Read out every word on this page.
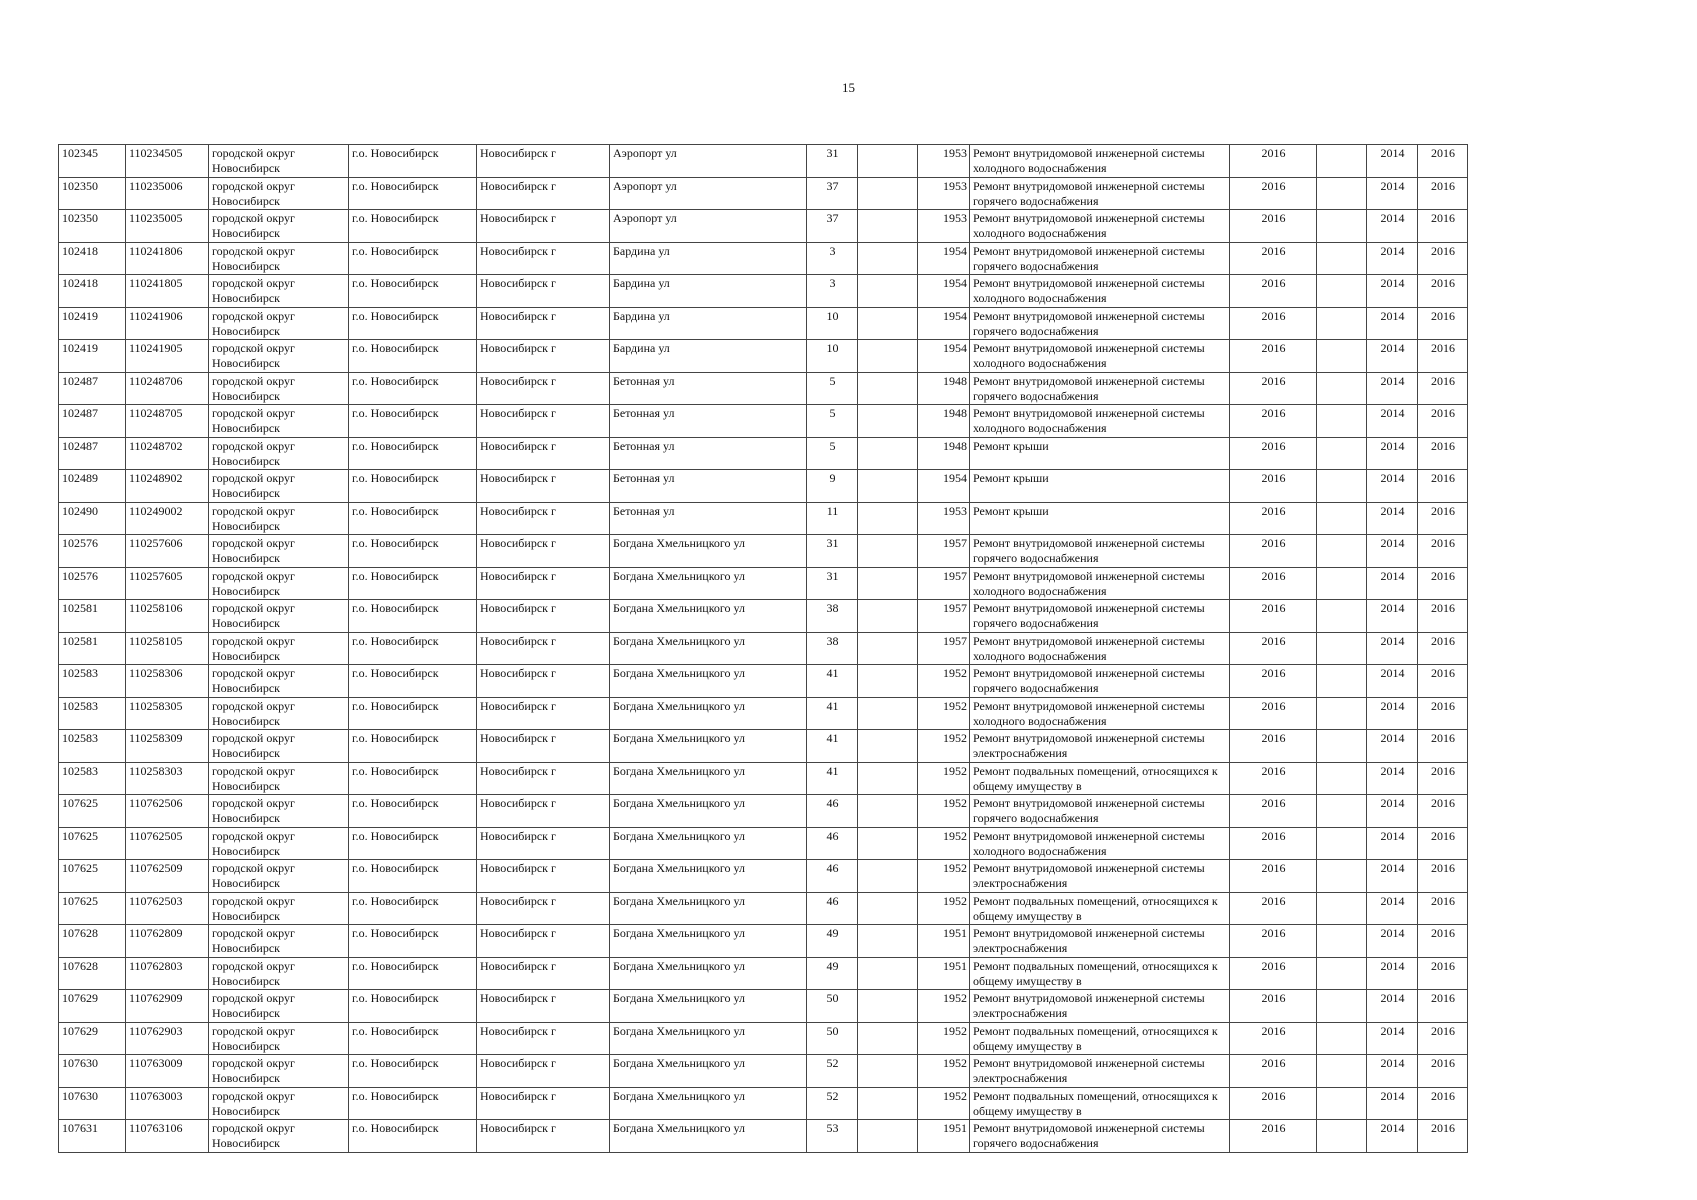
15
102345	110234505	городской округ Новосибирск	г.о. Новосибирск	Новосибирск г	Аэропорт ул	31		1953	Ремонт внутридомовой инженерной системы холодного водоснабжения	2016		2014	2016
102350	110235006	городской округ Новосибирск	г.о. Новосибирск	Новосибирск г	Аэропорт ул	37		1953	Ремонт внутридомовой инженерной системы горячего водоснабжения	2016		2014	2016
102350	110235005	городской округ Новосибирск	г.о. Новосибирск	Новосибирск г	Аэропорт ул	37		1953	Ремонт внутридомовой инженерной системы холодного водоснабжения	2016		2014	2016
102418	110241806	городской округ Новосибирск	г.о. Новосибирск	Новосибирск г	Бардина ул	3		1954	Ремонт внутридомовой инженерной системы горячего водоснабжения	2016		2014	2016
102418	110241805	городской округ Новосибирск	г.о. Новосибирск	Новосибирск г	Бардина ул	3		1954	Ремонт внутридомовой инженерной системы холодного водоснабжения	2016		2014	2016
102419	110241906	городской округ Новосибирск	г.о. Новосибирск	Новосибирск г	Бардина ул	10		1954	Ремонт внутридомовой инженерной системы горячего водоснабжения	2016		2014	2016
102419	110241905	городской округ Новосибирск	г.о. Новосибирск	Новосибирск г	Бардина ул	10		1954	Ремонт внутридомовой инженерной системы холодного водоснабжения	2016		2014	2016
102487	110248706	городской округ Новосибирск	г.о. Новосибирск	Новосибирск г	Бетонная ул	5		1948	Ремонт внутридомовой инженерной системы горячего водоснабжения	2016		2014	2016
102487	110248705	городской округ Новосибирск	г.о. Новосибирск	Новосибирск г	Бетонная ул	5		1948	Ремонт внутридомовой инженерной системы холодного водоснабжения	2016		2014	2016
102487	110248702	городской округ Новосибирск	г.о. Новосибирск	Новосибирск г	Бетонная ул	5		1948	Ремонт крыши	2016		2014	2016
102489	110248902	городской округ Новосибирск	г.о. Новосибирск	Новосибирск г	Бетонная ул	9		1954	Ремонт крыши	2016		2014	2016
102490	110249002	городской округ Новосибирск	г.о. Новосибирск	Новосибирск г	Бетонная ул	11		1953	Ремонт крыши	2016		2014	2016
102576	110257606	городской округ Новосибирск	г.о. Новосибирск	Новосибирск г	Богдана Хмельницкого ул	31		1957	Ремонт внутридомовой инженерной системы горячего водоснабжения	2016		2014	2016
102576	110257605	городской округ Новосибирск	г.о. Новосибирск	Новосибирск г	Богдана Хмельницкого ул	31		1957	Ремонт внутридомовой инженерной системы холодного водоснабжения	2016		2014	2016
102581	110258106	городской округ Новосибирск	г.о. Новосибирск	Новосибирск г	Богдана Хмельницкого ул	38		1957	Ремонт внутридомовой инженерной системы горячего водоснабжения	2016		2014	2016
102581	110258105	городской округ Новосибирск	г.о. Новосибирск	Новосибирск г	Богдана Хмельницкого ул	38		1957	Ремонт внутридомовой инженерной системы холодного водоснабжения	2016		2014	2016
102583	110258306	городской округ Новосибирск	г.о. Новосибирск	Новосибирск г	Богдана Хмельницкого ул	41		1952	Ремонт внутридомовой инженерной системы горячего водоснабжения	2016		2014	2016
102583	110258305	городской округ Новосибирск	г.о. Новосибирск	Новосибирск г	Богдана Хмельницкого ул	41		1952	Ремонт внутридомовой инженерной системы холодного водоснабжения	2016		2014	2016
102583	110258309	городской округ Новосибирск	г.о. Новосибирск	Новосибирск г	Богдана Хмельницкого ул	41		1952	Ремонт внутридомовой инженерной системы электроснабжения	2016		2014	2016
102583	110258303	городской округ Новосибирск	г.о. Новосибирск	Новосибирск г	Богдана Хмельницкого ул	41		1952	Ремонт подвальных помещений, относящихся к общему имуществу в	2016		2014	2016
107625	110762506	городской округ Новосибирск	г.о. Новосибирск	Новосибирск г	Богдана Хмельницкого ул	46		1952	Ремонт внутридомовой инженерной системы горячего водоснабжения	2016		2014	2016
107625	110762505	городской округ Новосибирск	г.о. Новосибирск	Новосибирск г	Богдана Хмельницкого ул	46		1952	Ремонт внутридомовой инженерной системы холодного водоснабжения	2016		2014	2016
107625	110762509	городской округ Новосибирск	г.о. Новосибирск	Новосибирск г	Богдана Хмельницкого ул	46		1952	Ремонт внутридомовой инженерной системы электроснабжения	2016		2014	2016
107625	110762503	городской округ Новосибирск	г.о. Новосибирск	Новосибирск г	Богдана Хмельницкого ул	46		1952	Ремонт подвальных помещений, относящихся к общему имуществу в	2016		2014	2016
107628	110762809	городской округ Новосибирск	г.о. Новосибирск	Новосибирск г	Богдана Хмельницкого ул	49		1951	Ремонт внутридомовой инженерной системы электроснабжения	2016		2014	2016
107628	110762803	городской округ Новосибирск	г.о. Новосибирск	Новосибирск г	Богдана Хмельницкого ул	49		1951	Ремонт подвальных помещений, относящихся к общему имуществу в	2016		2014	2016
107629	110762909	городской округ Новосибирск	г.о. Новосибирск	Новосибирск г	Богдана Хмельницкого ул	50		1952	Ремонт внутридомовой инженерной системы электроснабжения	2016		2014	2016
107629	110762903	городской округ Новосибирск	г.о. Новосибирск	Новосибирск г	Богдана Хмельницкого ул	50		1952	Ремонт подвальных помещений, относящихся к общему имуществу в	2016		2014	2016
107630	110763009	городской округ Новосибирск	г.о. Новосибирск	Новосибирск г	Богдана Хмельницкого ул	52		1952	Ремонт внутридомовой инженерной системы электроснабжения	2016		2014	2016
107630	110763003	городской округ Новосибирск	г.о. Новосибирск	Новосибирск г	Богдана Хмельницкого ул	52		1952	Ремонт подвальных помещений, относящихся к общему имуществу в	2016		2014	2016
107631	110763106	городской округ Новосибирск	г.о. Новосибирск	Новосибирск г	Богдана Хмельницкого ул	53		1951	Ремонт внутридомовой инженерной системы горячего водоснабжения	2016		2014	2016
